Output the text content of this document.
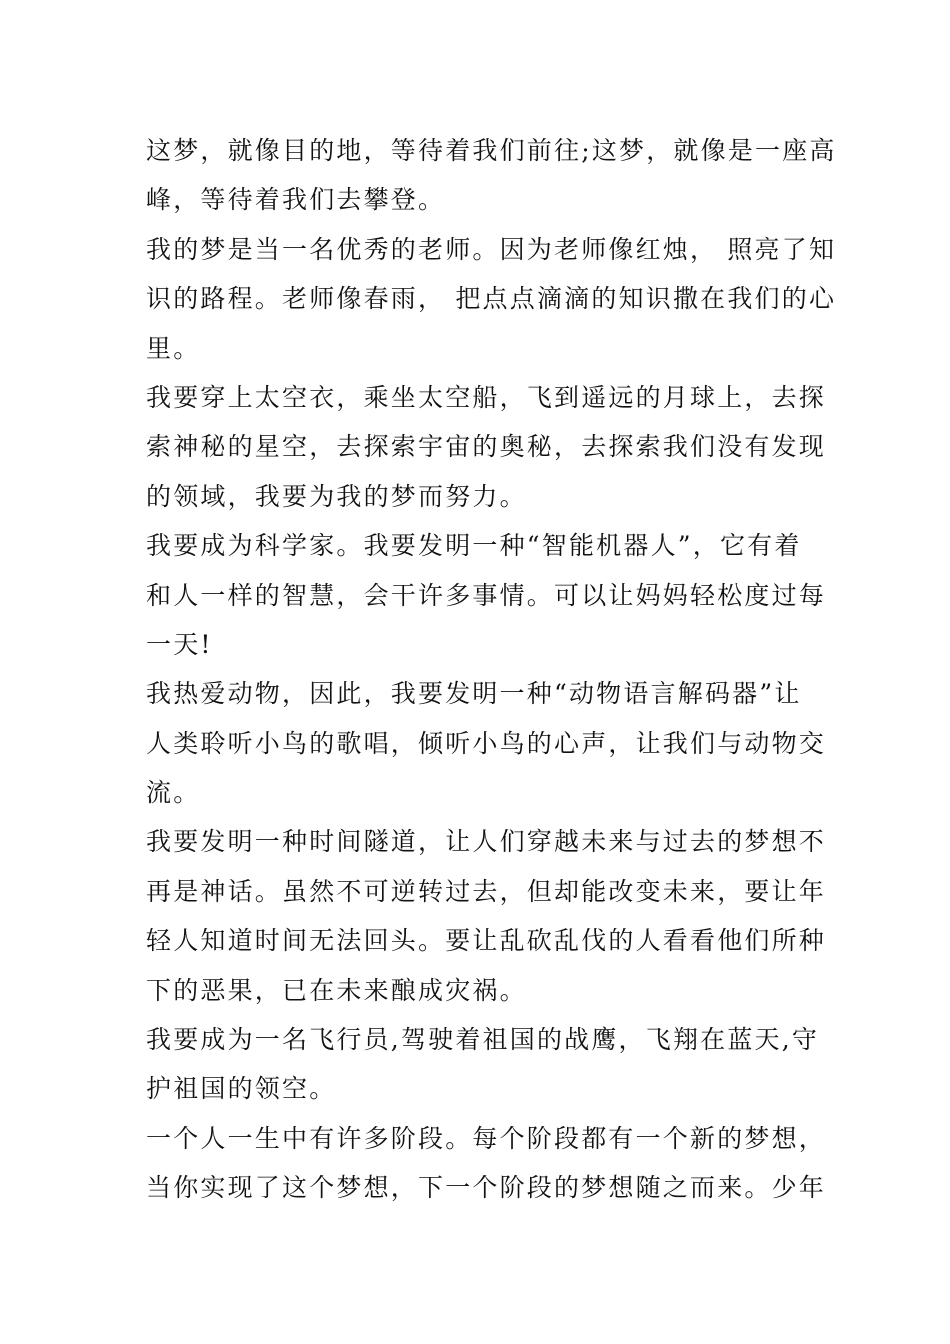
这梦，就像目的地，等待着我们前往;这梦，就像是一座高
峰，等待着我们去攀登。
我的梦是当一名优秀的老师。因为老师像红烛， 照亮了知
识的路程。老师像春雨， 把点点滴滴的知识撒在我们的心
里。
我要穿上太空衣，乘坐太空船，飞到遥远的月球上，去探
索神秘的星空，去探索宇宙的奥秘，去探索我们没有发现
的领域，我要为我的梦而努力。
我要成为科学家。我要发明一种“智能机器人”，它有着
和人一样的智慧，会干许多事情。可以让妈妈轻松度过每
一天!
我热爱动物，因此，我要发明一种“动物语言解码器”让
人类聆听小鸟的歌唱，倾听小鸟的心声，让我们与动物交
流。
我要发明一种时间隧道，让人们穿越未来与过去的梦想不
再是神话。虽然不可逆转过去，但却能改变未来，要让年
轻人知道时间无法回头。要让乱砍乱伐的人看看他们所种
下的恶果，已在未来酿成灾祸。
我要成为一名飞行员,驾驶着祖国的战鹰，飞翔在蓝天,守
护祖国的领空。
一个人一生中有许多阶段。每个阶段都有一个新的梦想，
当你实现了这个梦想，下一个阶段的梦想随之而来。少年
